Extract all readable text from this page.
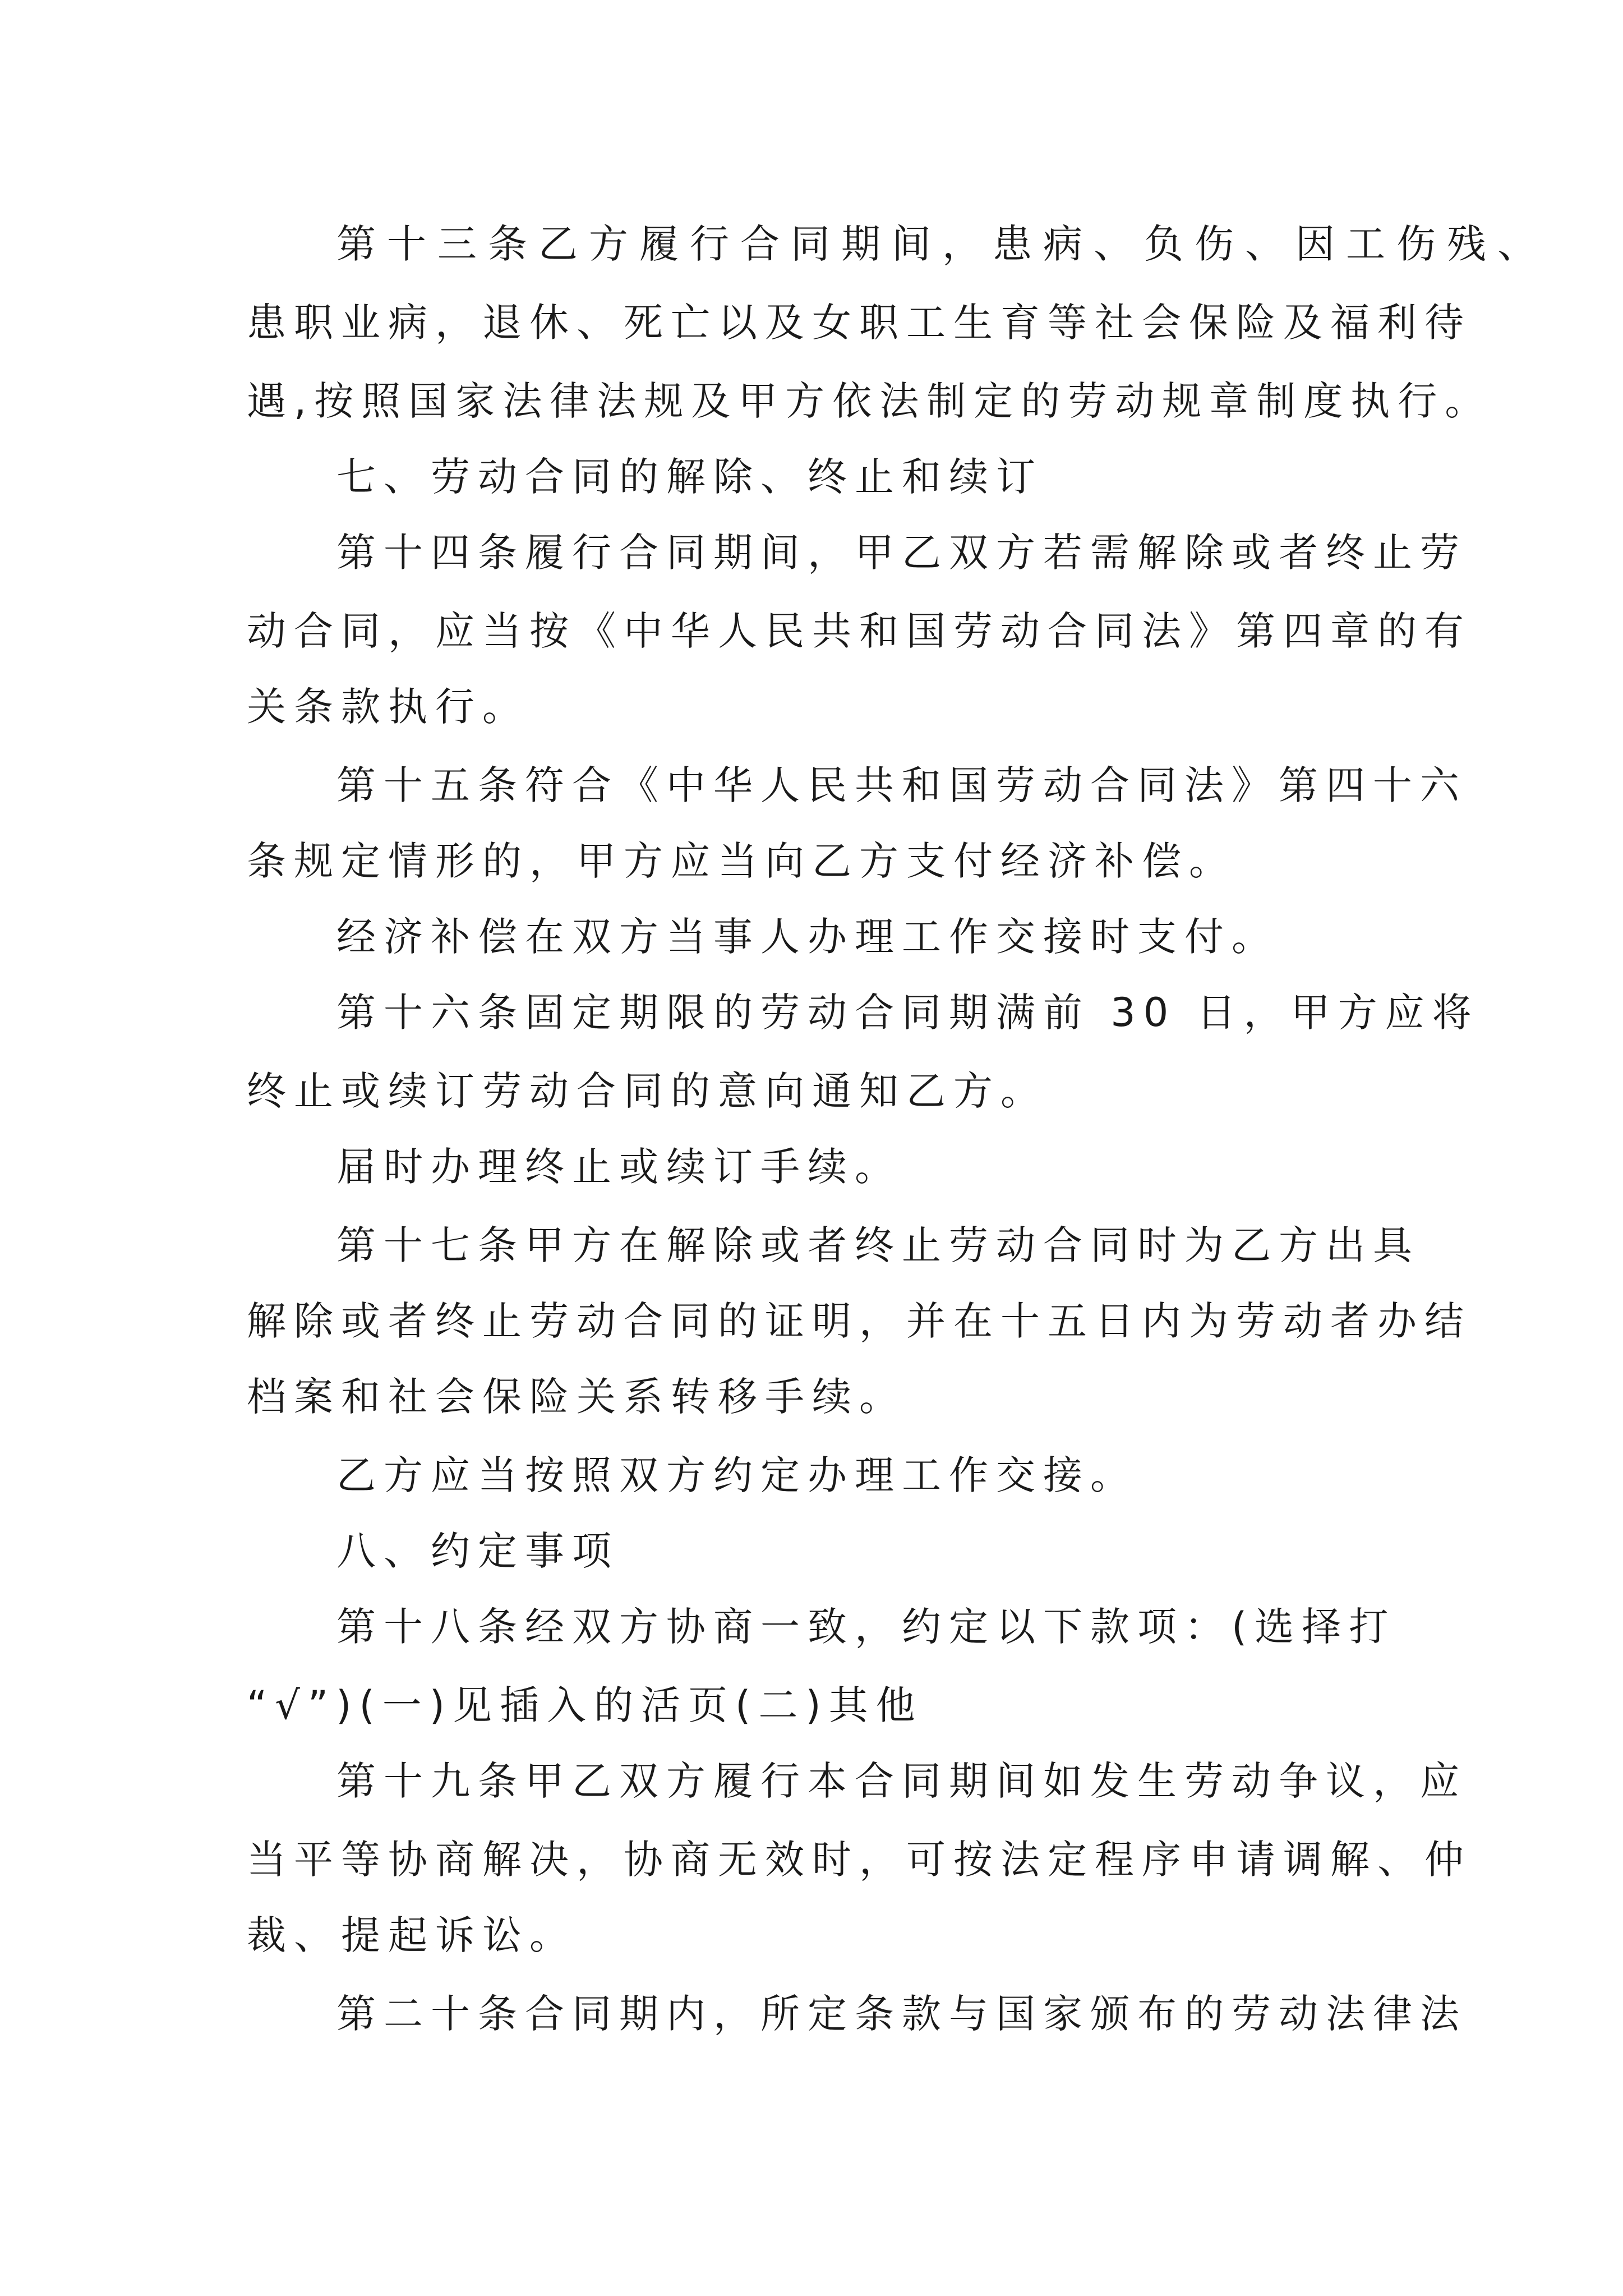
第十三条乙方履行合同期间，患病、负伤、因工伤残、
患职业病，退休、死亡以及女职工生育等社会保险及福利待
遇,按照国家法律法规及甲方依法制定的劳动规章制度执行。
七、劳动合同的解除、终止和续订
第十四条履行合同期间，甲乙双方若需解除或者终止劳
动合同，应当按《中华人民共和国劳动合同法》第四章的有
关条款执行。
第十五条符合《中华人民共和国劳动合同法》第四十六
条规定情形的，甲方应当向乙方支付经济补偿。
经济补偿在双方当事人办理工作交接时支付。
第十六条固定期限的劳动合同期满前 30 日，甲方应将
终止或续订劳动合同的意向通知乙方。
届时办理终止或续订手续。
第十七条甲方在解除或者终止劳动合同时为乙方出具
解除或者终止劳动合同的证明，并在十五日内为劳动者办结
档案和社会保险关系转移手续。
乙方应当按照双方约定办理工作交接。
八、约定事项
第十八条经双方协商一致，约定以下款项：(选择打
“√”)(一)见插入的活页(二)其他
第十九条甲乙双方履行本合同期间如发生劳动争议，应
当平等协商解决，协商无效时，可按法定程序申请调解、仲
裁、提起诉讼。
第二十条合同期内，所定条款与国家颁布的劳动法律法
